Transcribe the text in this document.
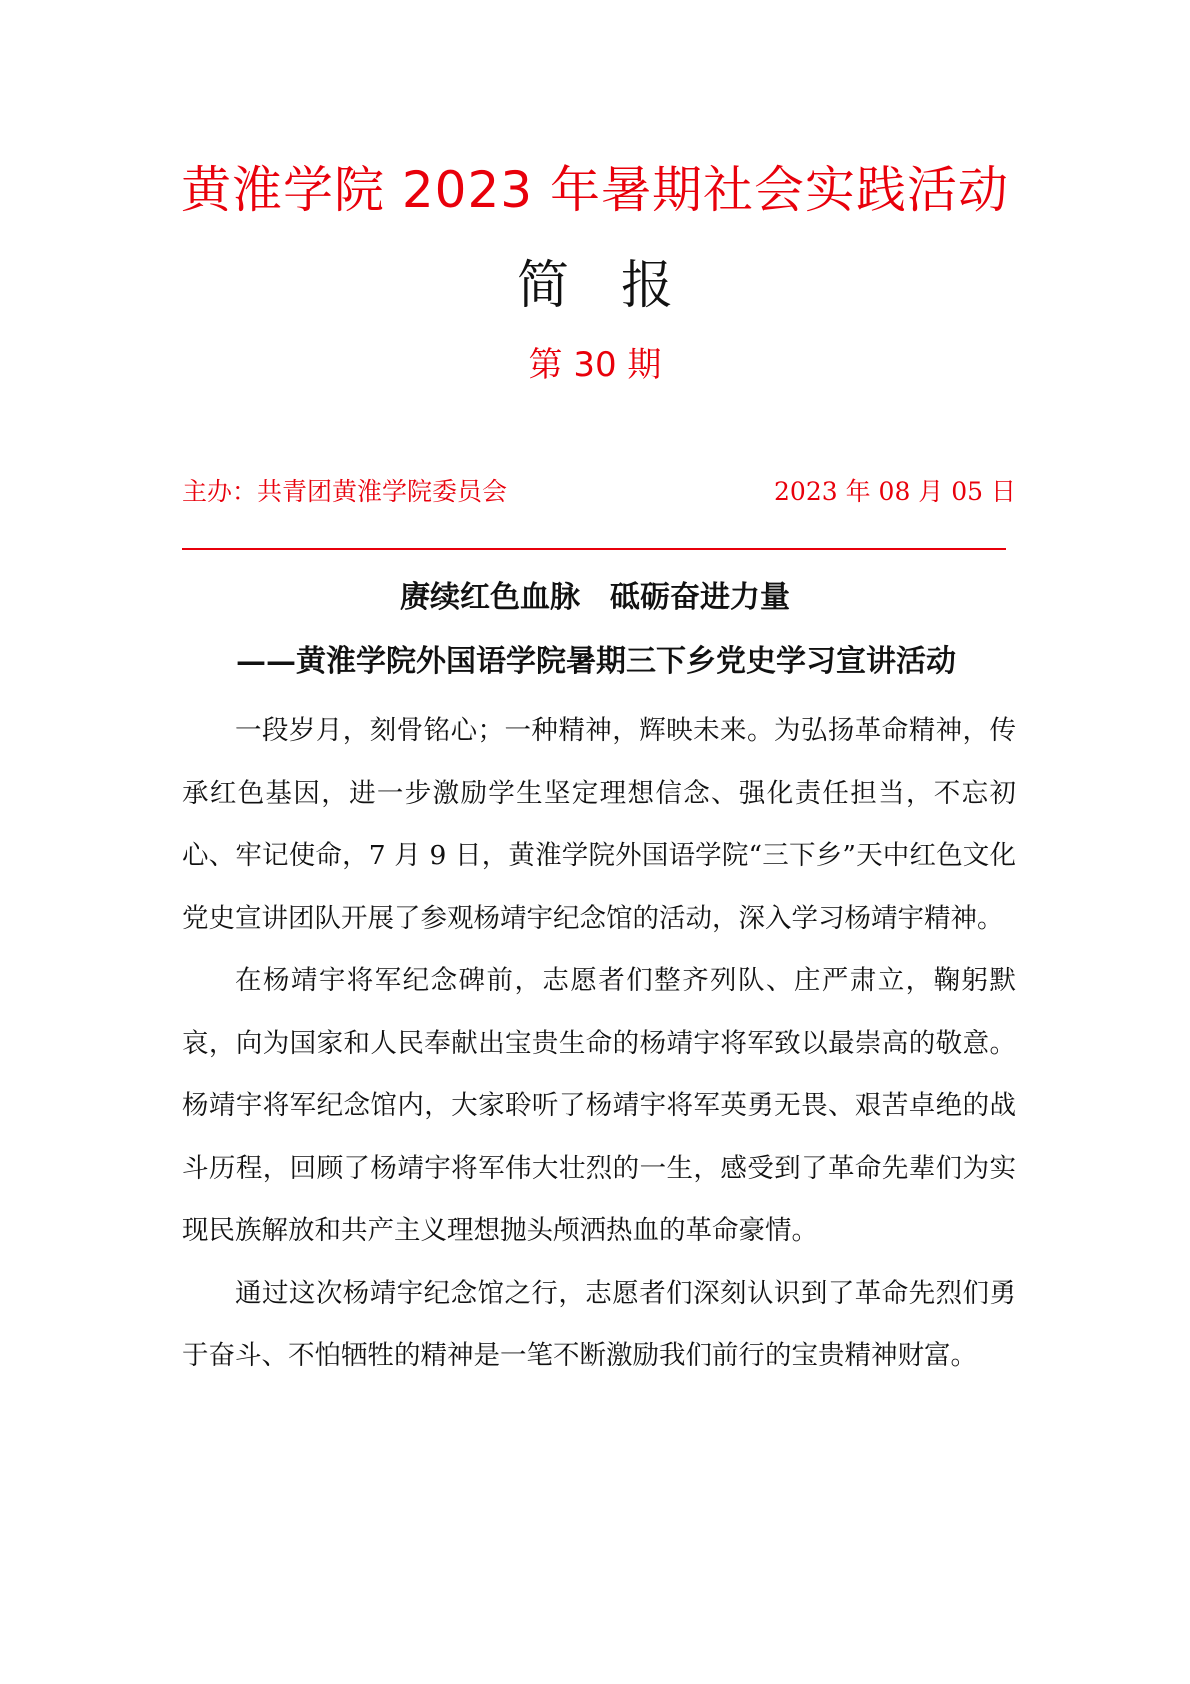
黄淮学院 2023 年暑期社会实践活动
简 报
第 30 期
主办：共青团黄淮学院委员会	2023 年 08 月 05 日
赓续红色血脉 砥砺奋进力量
——黄淮学院外国语学院暑期三下乡党史学习宣讲活动

一段岁月，刻骨铭心；一种精神，辉映未来。为弘扬革命精神，传承红色基因，进一步激励学生坚定理想信念、强化责任担当，不忘初心、牢记使命，7 月 9 日，黄淮学院外国语学院“三下乡”天中红色文化党史宣讲团队开展了参观杨靖宇纪念馆的活动，深入学习杨靖宇精神。

在杨靖宇将军纪念碑前，志愿者们整齐列队、庄严肃立，鞠躬默哀，向为国家和人民奉献出宝贵生命的杨靖宇将军致以最崇高的敬意。杨靖宇将军纪念馆内，大家聆听了杨靖宇将军英勇无畏、艰苦卓绝的战斗历程，回顾了杨靖宇将军伟大壮烈的一生，感受到了革命先辈们为实现民族解放和共产主义理想抛头颅洒热血的革命豪情。

通过这次杨靖宇纪念馆之行，志愿者们深刻认识到了革命先烈们勇于奋斗、不怕牺牲的精神是一笔不断激励我们前行的宝贵精神财富。
